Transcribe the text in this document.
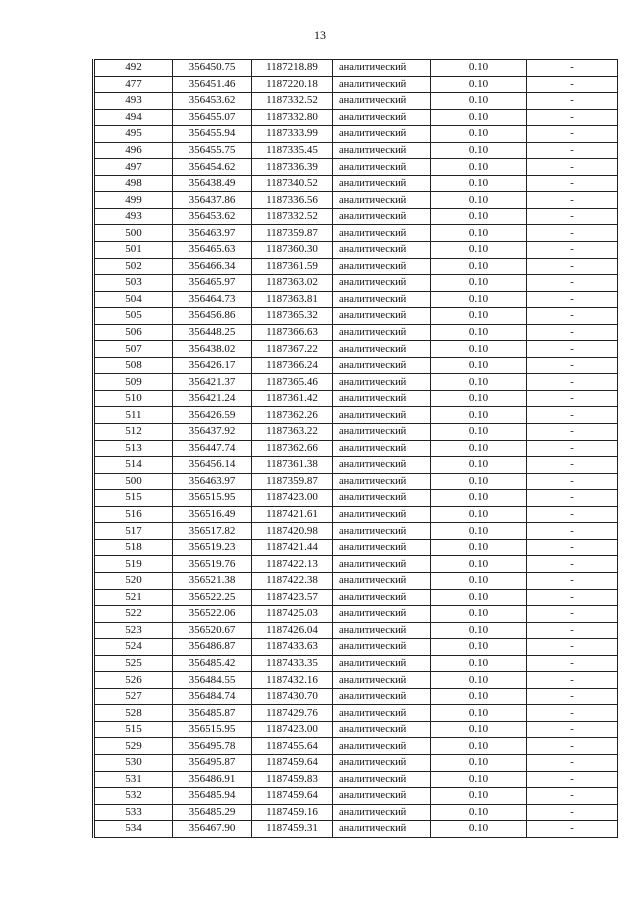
13
492	356450.75	1187218.89	аналитический	0.10	-
477	356451.46	1187220.18	аналитический	0.10	-
493	356453.62	1187332.52	аналитический	0.10	-
494	356455.07	1187332.80	аналитический	0.10	-
495	356455.94	1187333.99	аналитический	0.10	-
496	356455.75	1187335.45	аналитический	0.10	-
497	356454.62	1187336.39	аналитический	0.10	-
498	356438.49	1187340.52	аналитический	0.10	-
499	356437.86	1187336.56	аналитический	0.10	-
493	356453.62	1187332.52	аналитический	0.10	-
500	356463.97	1187359.87	аналитический	0.10	-
501	356465.63	1187360.30	аналитический	0.10	-
502	356466.34	1187361.59	аналитический	0.10	-
503	356465.97	1187363.02	аналитический	0.10	-
504	356464.73	1187363.81	аналитический	0.10	-
505	356456.86	1187365.32	аналитический	0.10	-
506	356448.25	1187366.63	аналитический	0.10	-
507	356438.02	1187367.22	аналитический	0.10	-
508	356426.17	1187366.24	аналитический	0.10	-
509	356421.37	1187365.46	аналитический	0.10	-
510	356421.24	1187361.42	аналитический	0.10	-
511	356426.59	1187362.26	аналитический	0.10	-
512	356437.92	1187363.22	аналитический	0.10	-
513	356447.74	1187362.66	аналитический	0.10	-
514	356456.14	1187361.38	аналитический	0.10	-
500	356463.97	1187359.87	аналитический	0.10	-
515	356515.95	1187423.00	аналитический	0.10	-
516	356516.49	1187421.61	аналитический	0.10	-
517	356517.82	1187420.98	аналитический	0.10	-
518	356519.23	1187421.44	аналитический	0.10	-
519	356519.76	1187422.13	аналитический	0.10	-
520	356521.38	1187422.38	аналитический	0.10	-
521	356522.25	1187423.57	аналитический	0.10	-
522	356522.06	1187425.03	аналитический	0.10	-
523	356520.67	1187426.04	аналитический	0.10	-
524	356486.87	1187433.63	аналитический	0.10	-
525	356485.42	1187433.35	аналитический	0.10	-
526	356484.55	1187432.16	аналитический	0.10	-
527	356484.74	1187430.70	аналитический	0.10	-
528	356485.87	1187429.76	аналитический	0.10	-
515	356515.95	1187423.00	аналитический	0.10	-
529	356495.78	1187455.64	аналитический	0.10	-
530	356495.87	1187459.64	аналитический	0.10	-
531	356486.91	1187459.83	аналитический	0.10	-
532	356485.94	1187459.64	аналитический	0.10	-
533	356485.29	1187459.16	аналитический	0.10	-
534	356467.90	1187459.31	аналитический	0.10	-
